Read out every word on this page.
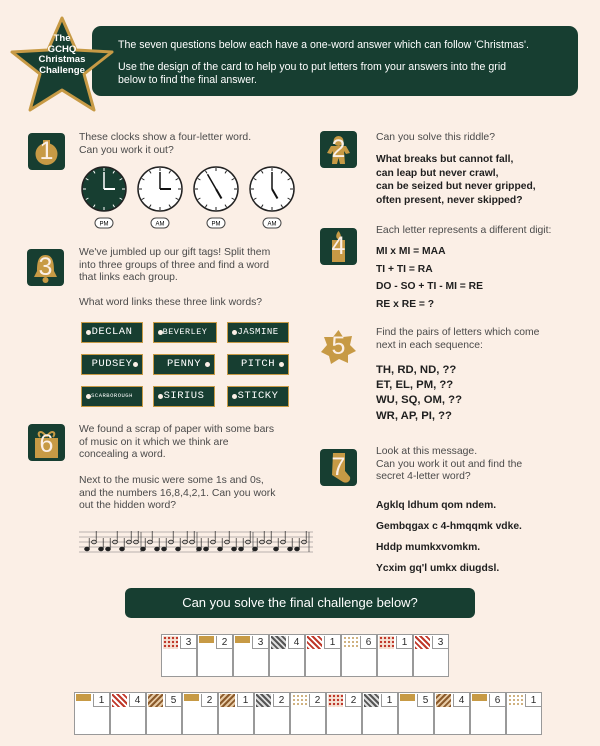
The seven questions below each have a one-word answer which can follow 'Christmas'.

Use the design of the card to help you to put letters from your answers into the grid

below to find the final answer.

The
GCHQ
Christmas
Challenge
1	These clocks show a four-letter word.
Can you work it out?
PM	AM	PM	AM
2	Can you solve this riddle?
What breaks but cannot fall,
can leap but never crawl,
can be seized but never gripped,
often present, never skipped?
3
We've jumbled up our gift tags! Split them
into three groups of three and find a word
that links each group.
What word links these three link words?
DECLAN	BEVERLEY	JASMINE
PUDSEY	PENNY	PITCH
SCARBOROUGH	SIRIUS	STICKY
4
Each letter represents a different digit:
MI x MI = MAA
TI + TI = RA
DO - SO + TI - MI = RE
RE x RE = ?
5	Find the pairs of letters which come
next in each sequence:
TH, RD, ND, ??
ET, EL, PM, ??
WU, SQ, OM, ??
WR, AP, PI, ??
6
We found a scrap of paper with some bars
of music on it which we think are
concealing a word.
Next to the music were some 1s and 0s,
and the numbers 16,8,4,2,1. Can you work
out the hidden word?
7
Look at this message.
Can you work it out and find the
secret 4-letter word?
Agklq ldhum qom ndem.
Gembqgax c 4-hmqqmk vdke.
Hddp mumkxvomkm.
Ycxim gq'l umkx diugdsl.
Can you solve the final challenge below?
3	2	3	4	1	6	1	3
1	4	5	2	1	2	2	2	1	5	4	6	1
